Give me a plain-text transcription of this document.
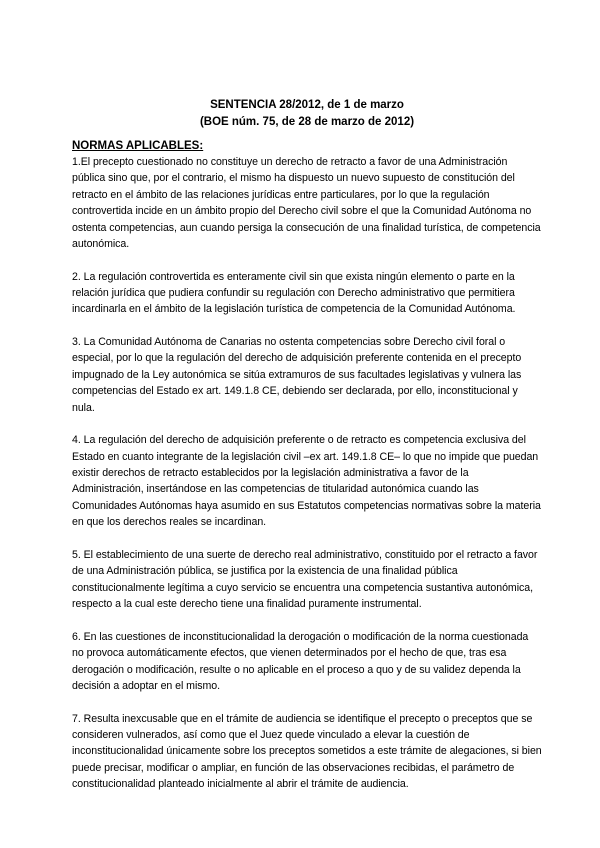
SENTENCIA 28/2012, de 1 de marzo

(BOE núm. 75, de 28 de marzo de 2012)

NORMAS APLICABLES:

1.El precepto cuestionado no constituye un derecho de retracto a favor de una Administración pública sino que, por el contrario, el mismo ha dispuesto un nuevo supuesto de constitución del retracto en el ámbito de las relaciones jurídicas entre particulares, por lo que la regulación controvertida incide en un ámbito propio del Derecho civil sobre el que la Comunidad Autónoma no ostenta competencias, aun cuando persiga la consecución de una finalidad turística, de competencia autonómica.

2. La regulación controvertida es enteramente civil sin que exista ningún elemento o parte en la relación jurídica que pudiera confundir su regulación con Derecho administrativo que permitiera incardinarla en el ámbito de la legislación turística de competencia de la Comunidad Autónoma.

3. La Comunidad Autónoma de Canarias no ostenta competencias sobre Derecho civil foral o especial, por lo que la regulación del derecho de adquisición preferente contenida en el precepto impugnado de la Ley autonómica se sitúa extramuros de sus facultades legislativas y vulnera las competencias del Estado ex art. 149.1.8 CE, debiendo ser declarada, por ello, inconstitucional y nula.

4. La regulación del derecho de adquisición preferente o de retracto es competencia exclusiva del Estado en cuanto integrante de la legislación civil –ex art. 149.1.8 CE– lo que no impide que puedan existir derechos de retracto establecidos por la legislación administrativa a favor de la Administración, insertándose en las competencias de titularidad autonómica cuando las Comunidades Autónomas haya asumido en sus Estatutos competencias normativas sobre la materia en que los derechos reales se incardinan.

5. El establecimiento de una suerte de derecho real administrativo, constituido por el retracto a favor de una Administración pública, se justifica por la existencia de una finalidad pública constitucionalmente legítima a cuyo servicio se encuentra una competencia sustantiva autonómica, respecto a la cual este derecho tiene una finalidad puramente instrumental.

6. En las cuestiones de inconstitucionalidad la derogación o modificación de la norma cuestionada no provoca automáticamente efectos, que vienen determinados por el hecho de que, tras esa derogación o modificación, resulte o no aplicable en el proceso a quo y de su validez dependa la decisión a adoptar en el mismo.

7. Resulta inexcusable que en el trámite de audiencia se identifique el precepto o preceptos que se consideren vulnerados, así como que el Juez quede vinculado a elevar la cuestión de inconstitucionalidad únicamente sobre los preceptos sometidos a este trámite de alegaciones, si bien puede precisar, modificar o ampliar, en función de las observaciones recibidas, el parámetro de constitucionalidad planteado inicialmente al abrir el trámite de audiencia.
